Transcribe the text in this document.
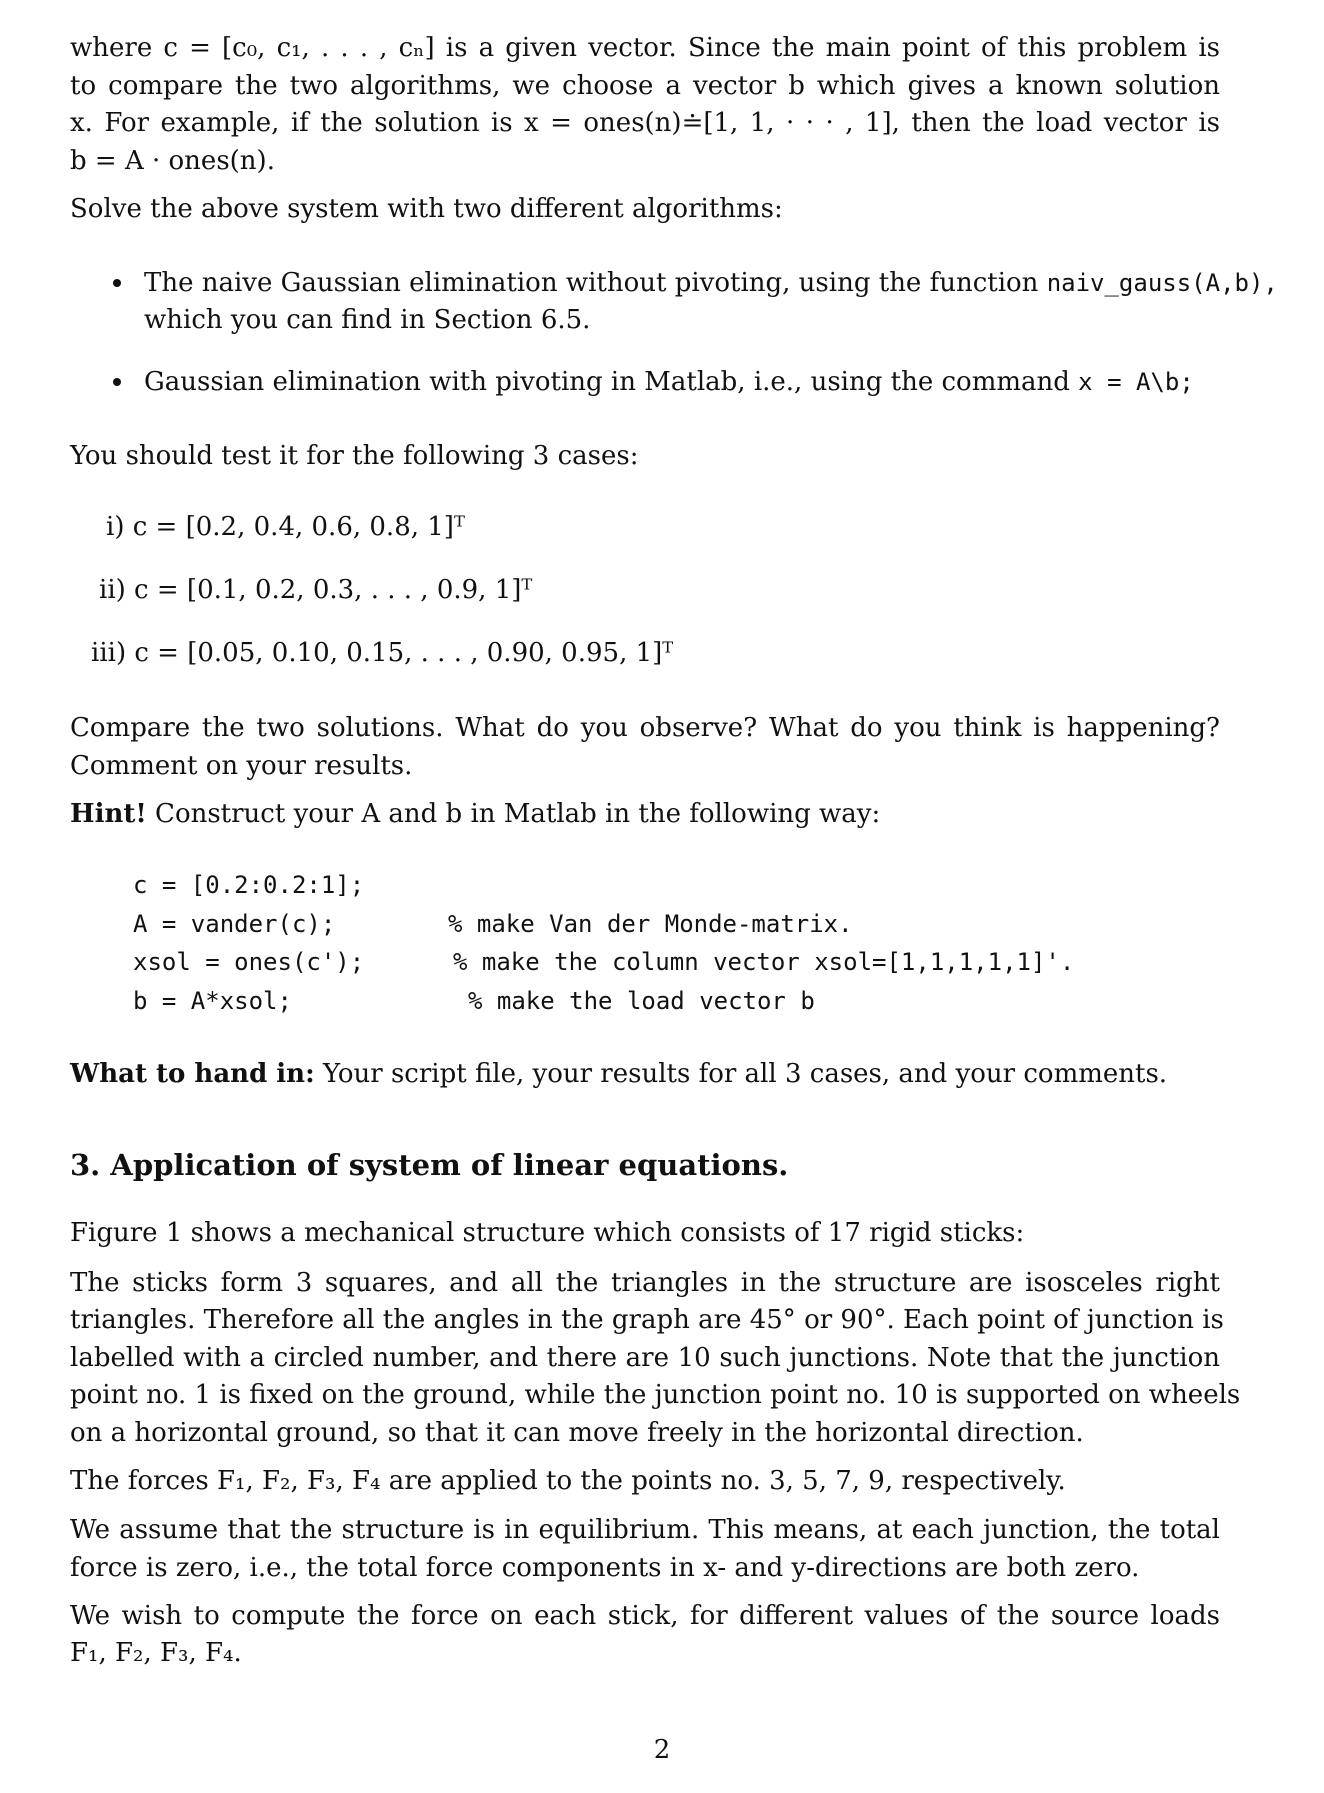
where c = [c₀, c₁, . . . , cₙ] is a given vector. Since the main point of this problem is
to compare the two algorithms, we choose a vector b which gives a known solution
x. For example, if the solution is x = ones(n)≐[1, 1, · · · , 1], then the load vector is
b = A · ones(n).
Solve the above system with two different algorithms:
The naive Gaussian elimination without pivoting, using the function naiv_gauss(A,b),
which you can find in Section 6.5.
Gaussian elimination with pivoting in Matlab, i.e., using the command x = A\b;
You should test it for the following 3 cases:
i) c = [0.2, 0.4, 0.6, 0.8, 1]ᵀ
ii) c = [0.1, 0.2, 0.3, . . . , 0.9, 1]ᵀ
iii) c = [0.05, 0.10, 0.15, . . . , 0.90, 0.95, 1]ᵀ
Compare the two solutions. What do you observe? What do you think is happening?
Comment on your results.
Hint! Construct your A and b in Matlab in the following way:
c = [0.2:0.2:1];
A = vander(c);	% make Van der Monde-matrix.
xsol = ones(c');	% make the column vector xsol=[1,1,1,1,1]'.
b = A*xsol;	% make the load vector b
What to hand in: Your script file, your results for all 3 cases, and your comments.
3. Application of system of linear equations.
Figure 1 shows a mechanical structure which consists of 17 rigid sticks:
The sticks form 3 squares, and all the triangles in the structure are isosceles right
triangles. Therefore all the angles in the graph are 45° or 90°. Each point of junction is
labelled with a circled number, and there are 10 such junctions. Note that the junction
point no. 1 is fixed on the ground, while the junction point no. 10 is supported on wheels
on a horizontal ground, so that it can move freely in the horizontal direction.
The forces F₁, F₂, F₃, F₄ are applied to the points no. 3, 5, 7, 9, respectively.
We assume that the structure is in equilibrium. This means, at each junction, the total
force is zero, i.e., the total force components in x- and y-directions are both zero.
We wish to compute the force on each stick, for different values of the source loads
F₁, F₂, F₃, F₄.
2
